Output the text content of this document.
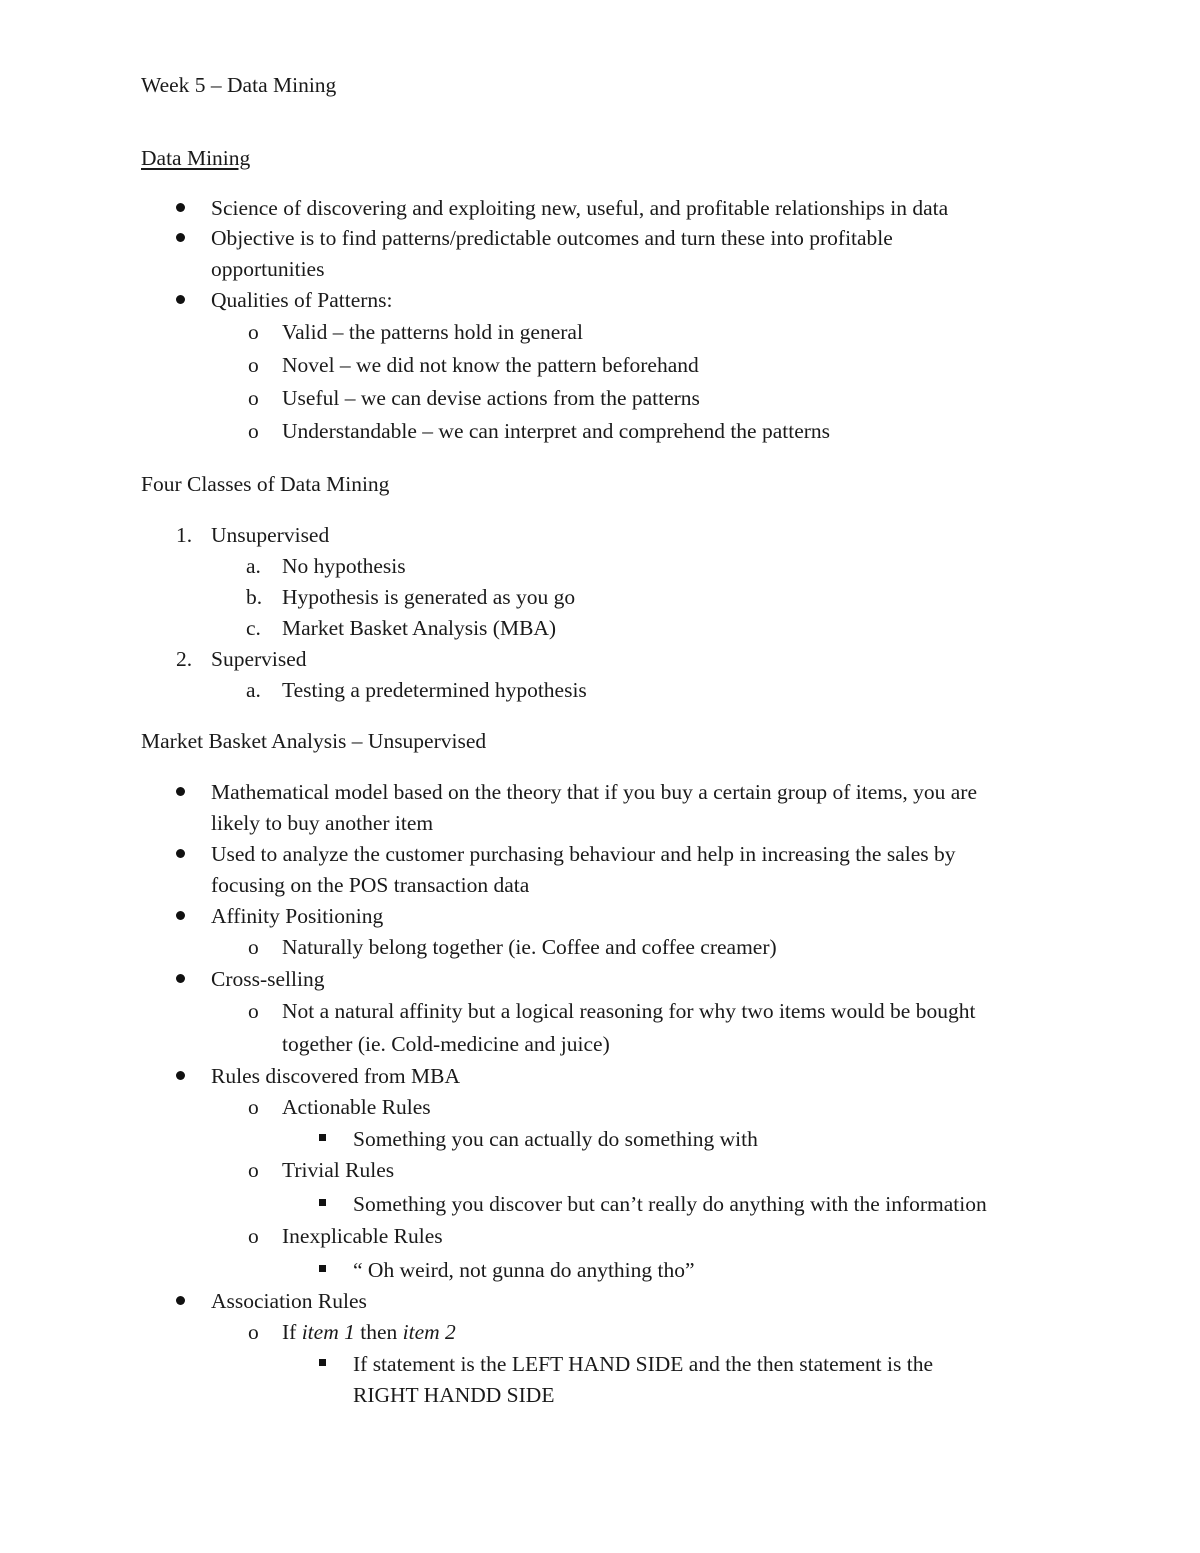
Week 5 – Data Mining
Data Mining
Science of discovering and exploiting new, useful, and profitable relationships in data
Objective is to find patterns/predictable outcomes and turn these into profitable
opportunities
Qualities of Patterns:
o Valid – the patterns hold in general
o Novel – we did not know the pattern beforehand
o Useful – we can devise actions from the patterns
o Understandable – we can interpret and comprehend the patterns
Four Classes of Data Mining
1. Unsupervised
a. No hypothesis
b. Hypothesis is generated as you go
c. Market Basket Analysis (MBA)
2. Supervised
a. Testing a predetermined hypothesis
Market Basket Analysis – Unsupervised
Mathematical model based on the theory that if you buy a certain group of items, you are
likely to buy another item
Used to analyze the customer purchasing behaviour and help in increasing the sales by
focusing on the POS transaction data
Affinity Positioning
o Naturally belong together (ie. Coffee and coffee creamer)
Cross-selling
o Not a natural affinity but a logical reasoning for why two items would be bought
together (ie. Cold-medicine and juice)
Rules discovered from MBA
o Actionable Rules
Something you can actually do something with
o Trivial Rules
Something you discover but can’t really do anything with the information
o Inexplicable Rules
“ Oh weird, not gunna do anything tho”
Association Rules
o If item 1 then item 2
If statement is the LEFT HAND SIDE and the then statement is the
RIGHT HANDD SIDE
